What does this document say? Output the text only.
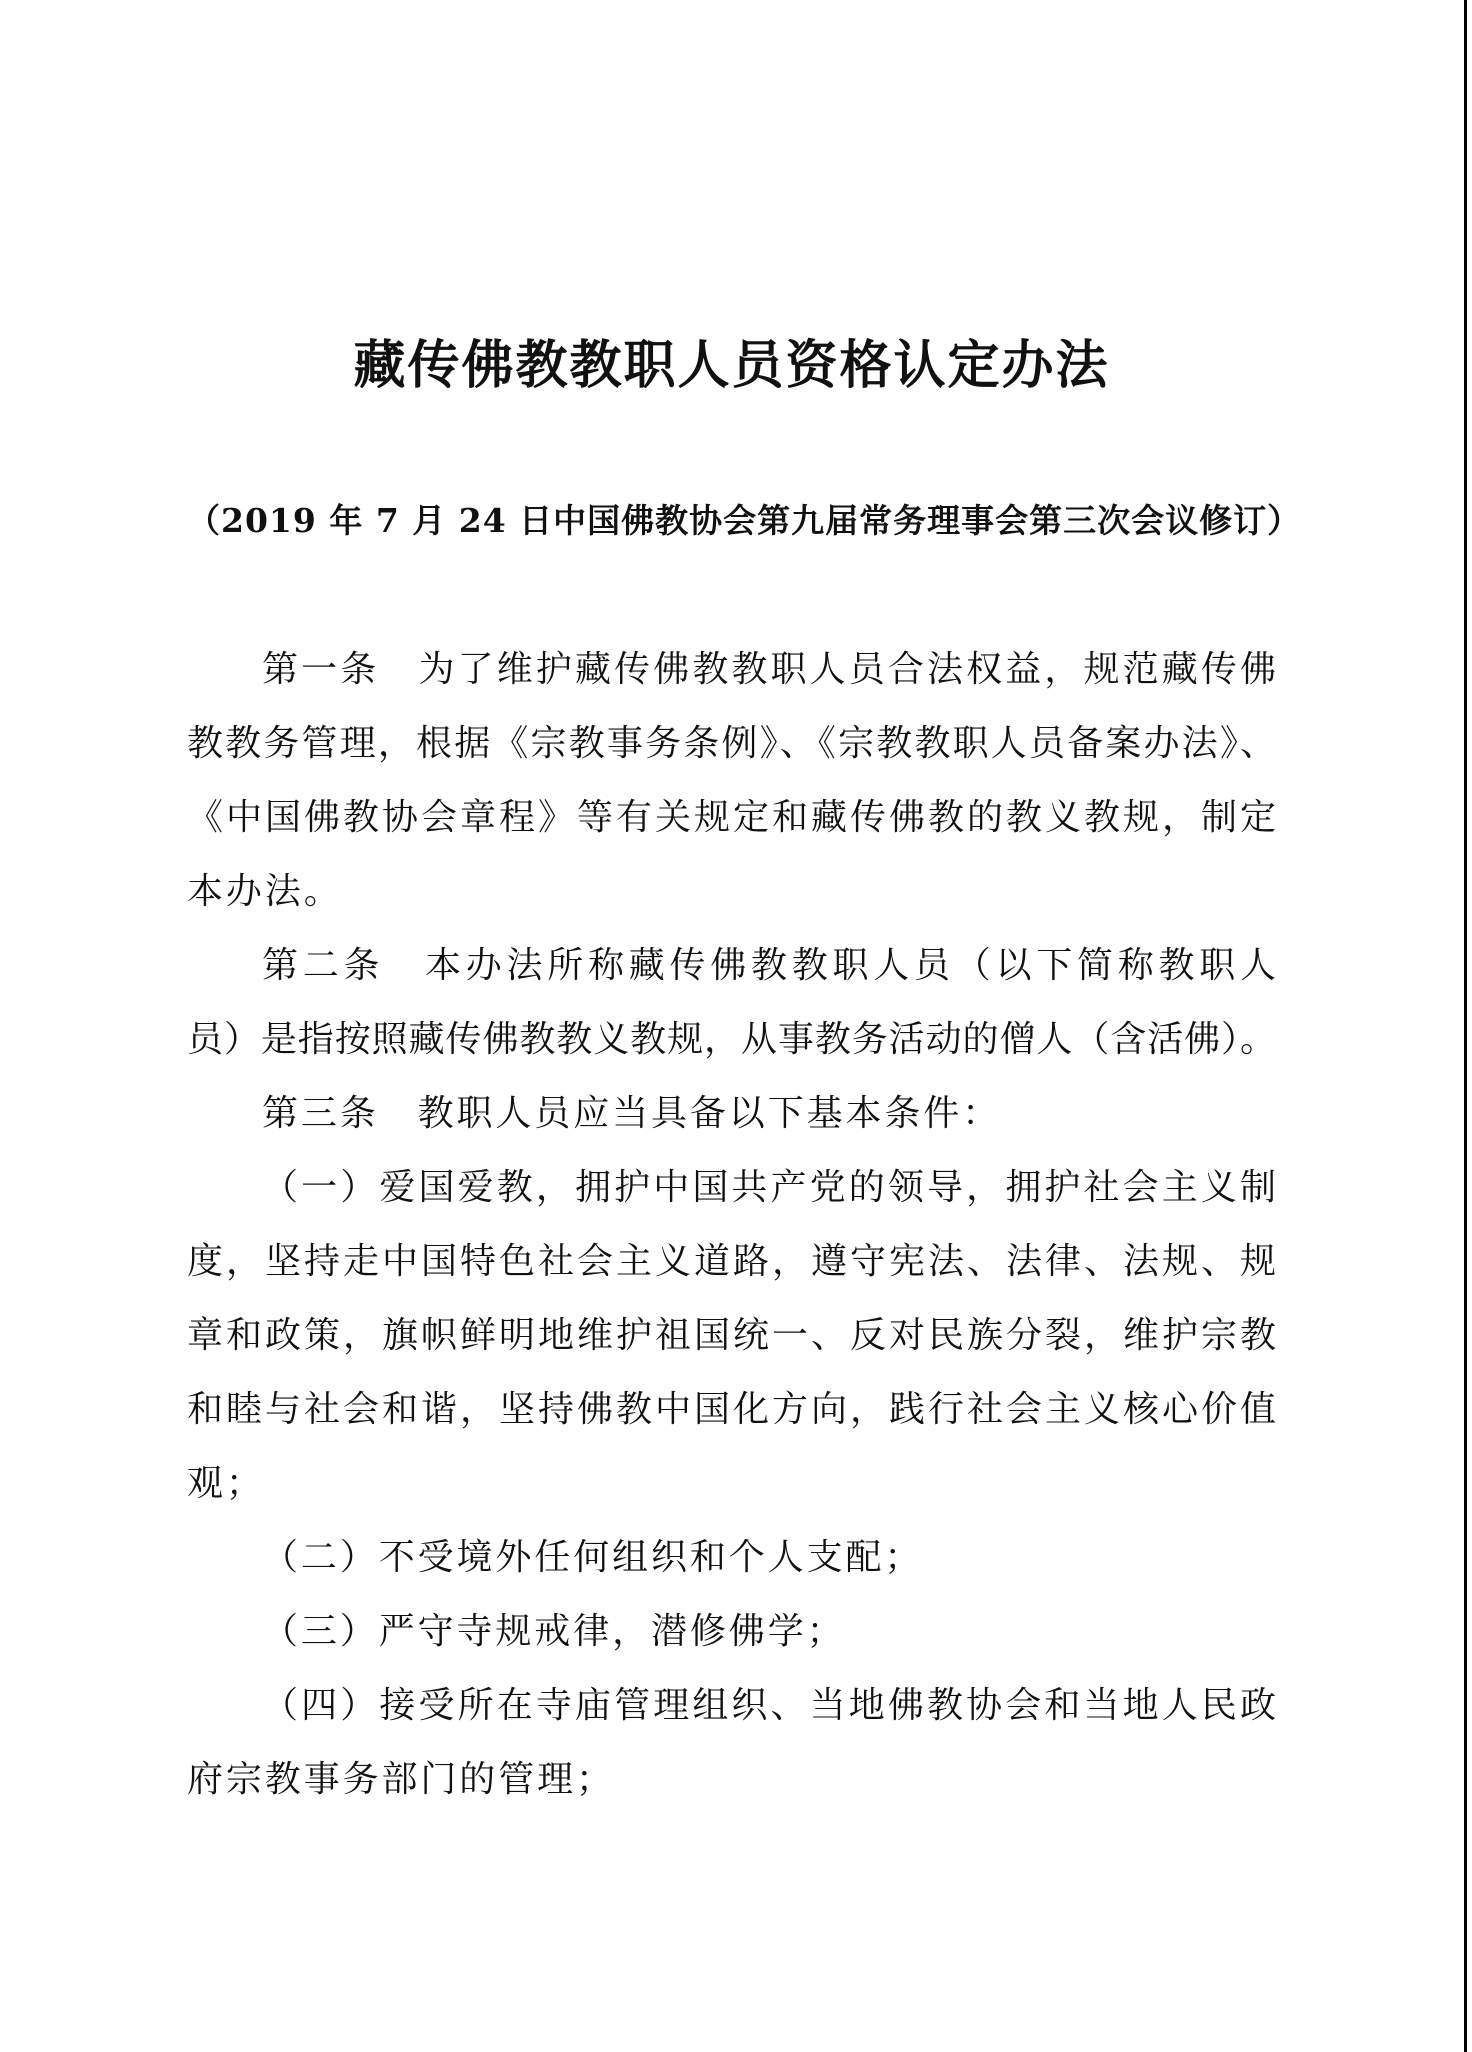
藏传佛教教职人员资格认定办法
（2019 年 7 月 24 日中国佛教协会第九届常务理事会第三次会议修订）
第一条　为了维护藏传佛教教职人员合法权益，规范藏传佛
教教务管理，根据《宗教事务条例》、《宗教教职人员备案办法》、
《中国佛教协会章程》等有关规定和藏传佛教的教义教规，制定
本办法。
第二条　本办法所称藏传佛教教职人员（以下简称教职人
员）是指按照藏传佛教教义教规，从事教务活动的僧人（含活佛）。
第三条　教职人员应当具备以下基本条件：
（一）爱国爱教，拥护中国共产党的领导，拥护社会主义制
度，坚持走中国特色社会主义道路，遵守宪法、法律、法规、规
章和政策，旗帜鲜明地维护祖国统一、反对民族分裂，维护宗教
和睦与社会和谐，坚持佛教中国化方向，践行社会主义核心价值
观；
（二）不受境外任何组织和个人支配；
（三）严守寺规戒律，潜修佛学；
（四）接受所在寺庙管理组织、当地佛教协会和当地人民政
府宗教事务部门的管理；
